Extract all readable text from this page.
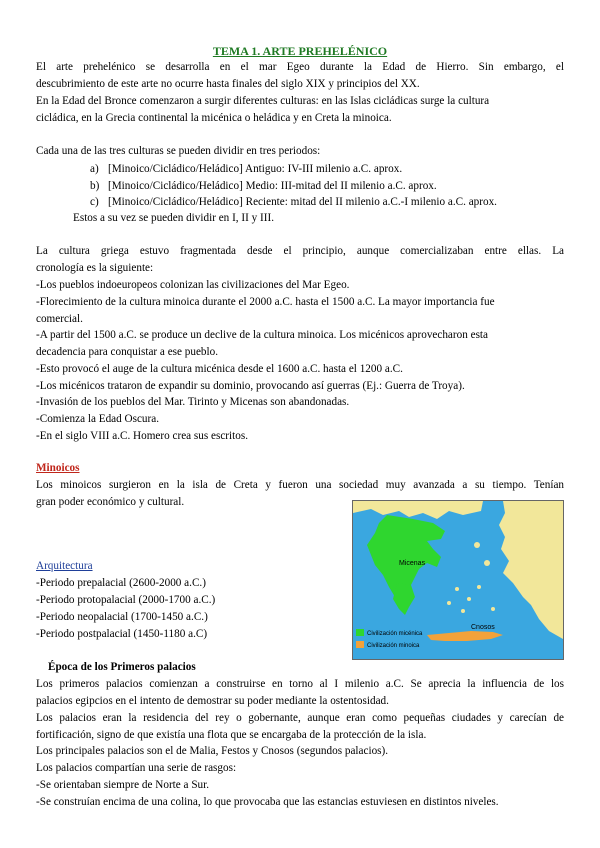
TEMA 1. ARTE PREHELÉNICO
El arte prehelénico se desarrolla en el mar Egeo durante la Edad de Hierro. Sin embargo, el
descubrimiento de este arte no ocurre hasta finales del siglo XIX y principios del XX.
En la Edad del Bronce comenzaron a surgir diferentes culturas: en las Islas cicládicas surge la cultura
cicládica, en la Grecia continental la micénica o heládica y en Creta la minoica.
Cada una de las tres culturas se pueden dividir en tres periodos:
a) [Minoico/Cicládico/Heládico] Antiguo: IV-III milenio a.C. aprox.
b) [Minoico/Cicládico/Heládico] Medio: III-mitad del II milenio a.C. aprox.
c) [Minoico/Cicládico/Heládico] Reciente: mitad del II milenio a.C.-I milenio a.C. aprox.
Estos a su vez se pueden dividir en I, II y III.
La cultura griega estuvo fragmentada desde el principio, aunque comercializaban entre ellas. La
cronología es la siguiente:
-Los pueblos indoeuropeos colonizan las civilizaciones del Mar Egeo.
-Florecimiento de la cultura minoica durante el 2000 a.C. hasta el 1500 a.C. La mayor importancia fue
comercial.
-A partir del 1500 a.C. se produce un declive de la cultura minoica. Los micénicos aprovecharon esta
decadencia para conquistar a ese pueblo.
-Esto provocó el auge de la cultura micénica desde el 1600 a.C. hasta el 1200 a.C.
-Los micénicos trataron de expandir su dominio, provocando así guerras (Ej.: Guerra de Troya).
-Invasión de los pueblos del Mar. Tirinto y Micenas son abandonadas.
-Comienza la Edad Oscura.
-En el siglo VIII a.C. Homero crea sus escritos.
Minoicos
Los minoicos surgieron en la isla de Creta y fueron una sociedad muy avanzada a su tiempo. Tenían
gran poder económico y cultural.
Micenas
Cnosos
Civilización micénica
Civilización minoica
Arquitectura
-Periodo prepalacial (2600-2000 a.C.)
-Periodo protopalacial (2000-1700 a.C.)
-Periodo neopalacial (1700-1450 a.C.)
-Periodo postpalacial (1450-1180 a.C)
Época de los Primeros palacios
Los primeros palacios comienzan a construirse en torno al I milenio a.C. Se aprecia la influencia de los
palacios egipcios en el intento de demostrar su poder mediante la ostentosidad.
Los palacios eran la residencia del rey o gobernante, aunque eran como pequeñas ciudades y carecían de
fortificación, signo de que existía una flota que se encargaba de la protección de la isla.
Los principales palacios son el de Malia, Festos y Cnosos (segundos palacios).
Los palacios compartían una serie de rasgos:
-Se orientaban siempre de Norte a Sur.
-Se construían encima de una colina, lo que provocaba que las estancias estuviesen en distintos niveles.
